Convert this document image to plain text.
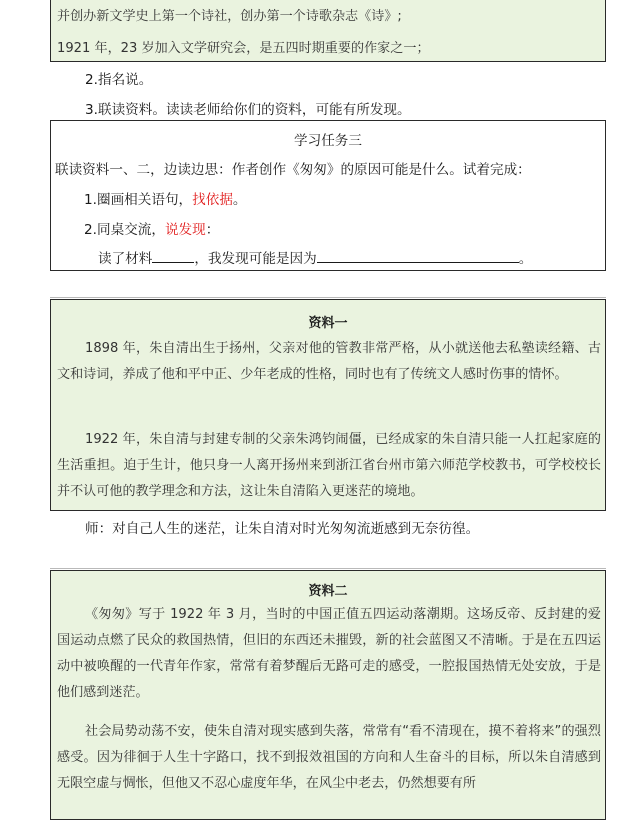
并创办新文学史上第一个诗社，创办第一个诗歌杂志《诗》;
1921 年，23 岁加入文学研究会，是五四时期重要的作家之一；
2.指名说。
3.联读资料。读读老师给你们的资料，可能有所发现。
学习任务三
联读资料一、二，边读边思：作者创作《匆匆》的原因可能是什么。试着完成：
1.圈画相关语句，找依据。
2.同桌交流，说发现：
读了材料	，我发现可能是因为	。
资料一
1898 年，朱自清出生于扬州，父亲对他的管教非常严格，从小就送他去私塾读经籍、古文和诗词，养成了他和平中正、少年老成的性格，同时也有了传统文人感时伤事的情怀。
1922 年，朱自清与封建专制的父亲朱鸿钧闹僵，已经成家的朱自清只能一人扛起家庭的生活重担。迫于生计，他只身一人离开扬州来到浙江省台州市第六师范学校教书，可学校校长并不认可他的教学理念和方法，这让朱自清陷入更迷茫的境地。
师：对自己人生的迷茫，让朱自清对时光匆匆流逝感到无奈彷徨。
资料二
《匆匆》写于 1922 年 3 月，当时的中国正值五四运动落潮期。这场反帝、反封建的爱国运动点燃了民众的救国热情，但旧的东西还未摧毁，新的社会蓝图又不清晰。于是在五四运动中被唤醒的一代青年作家，常常有着梦醒后无路可走的感受，一腔报国热情无处安放，于是他们感到迷茫。
社会局势动荡不安，使朱自清对现实感到失落，常常有“看不清现在，摸不着将来”的强烈感受。因为徘徊于人生十字路口，找不到报效祖国的方向和人生奋斗的目标，所以朱自清感到无限空虚与惆怅，但他又不忍心虚度年华，在风尘中老去，仍然想要有所
